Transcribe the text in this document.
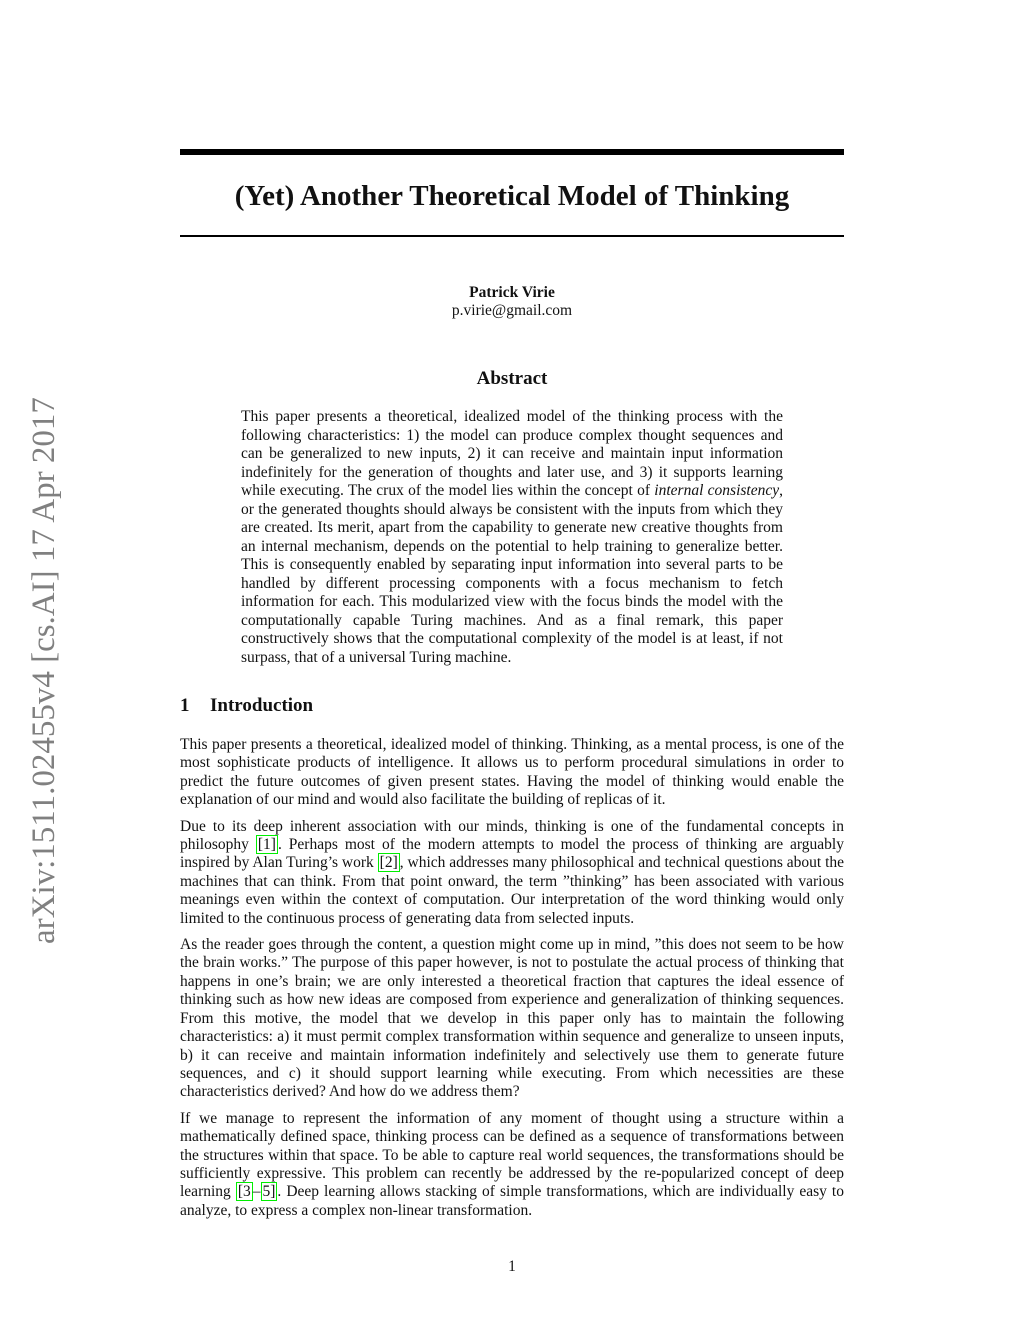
arXiv:1511.02455v4 [cs.AI] 17 Apr 2017
(Yet) Another Theoretical Model of Thinking
Patrick Virie
p.virie@gmail.com
Abstract

This paper presents a theoretical, idealized model of the thinking process with the following characteristics: 1) the model can produce complex thought sequences and can be generalized to new inputs, 2) it can receive and maintain input information indefinitely for the generation of thoughts and later use, and 3) it supports learning while executing. The crux of the model lies within the concept of internal consistency, or the generated thoughts should always be consistent with the inputs from which they are created. Its merit, apart from the capability to generate new creative thoughts from an internal mechanism, depends on the potential to help training to generalize better. This is consequently enabled by separating input information into several parts to be handled by different processing components with a focus mechanism to fetch information for each. This modularized view with the focus binds the model with the computationally capable Turing machines. And as a final remark, this paper constructively shows that the computational complexity of the model is at least, if not surpass, that of a universal Turing machine.

1 Introduction

This paper presents a theoretical, idealized model of thinking. Thinking, as a mental process, is one of the most sophisticate products of intelligence. It allows us to perform procedural simulations in order to predict the future outcomes of given present states. Having the model of thinking would enable the explanation of our mind and would also facilitate the building of replicas of it.

Due to its deep inherent association with our minds, thinking is one of the fundamental concepts in philosophy [1] . Perhaps most of the modern attempts to model the process of thinking are arguably inspired by Alan Turing’s work [2] , which addresses many philosophical and technical questions about the machines that can think. From that point onward, the term ”thinking” has been associated with various meanings even within the context of computation. Our interpretation of the word thinking would only limited to the continuous process of generating data from selected inputs.

As the reader goes through the content, a question might come up in mind, ”this does not seem to be how the brain works.” The purpose of this paper however, is not to postulate the actual process of thinking that happens in one’s brain; we are only interested a theoretical fraction that captures the ideal essence of thinking such as how new ideas are composed from experience and generalization of thinking sequences. From this motive, the model that we develop in this paper only has to maintain the following characteristics: a) it must permit complex transformation within sequence and generalize to unseen inputs, b) it can receive and maintain information indefinitely and selectively use them to generate future sequences, and c) it should support learning while executing. From which necessities are these characteristics derived? And how do we address them?

If we manage to represent the information of any moment of thought using a structure within a mathematically defined space, thinking process can be defined as a sequence of transformations between the structures within that space. To be able to capture real world sequences, the transformations should be sufficiently expressive. This problem can recently be addressed by the re-popularized concept of deep learning [3 – 5] . Deep learning allows stacking of simple transformations, which are individually easy to analyze, to express a complex non-linear transformation.

1
